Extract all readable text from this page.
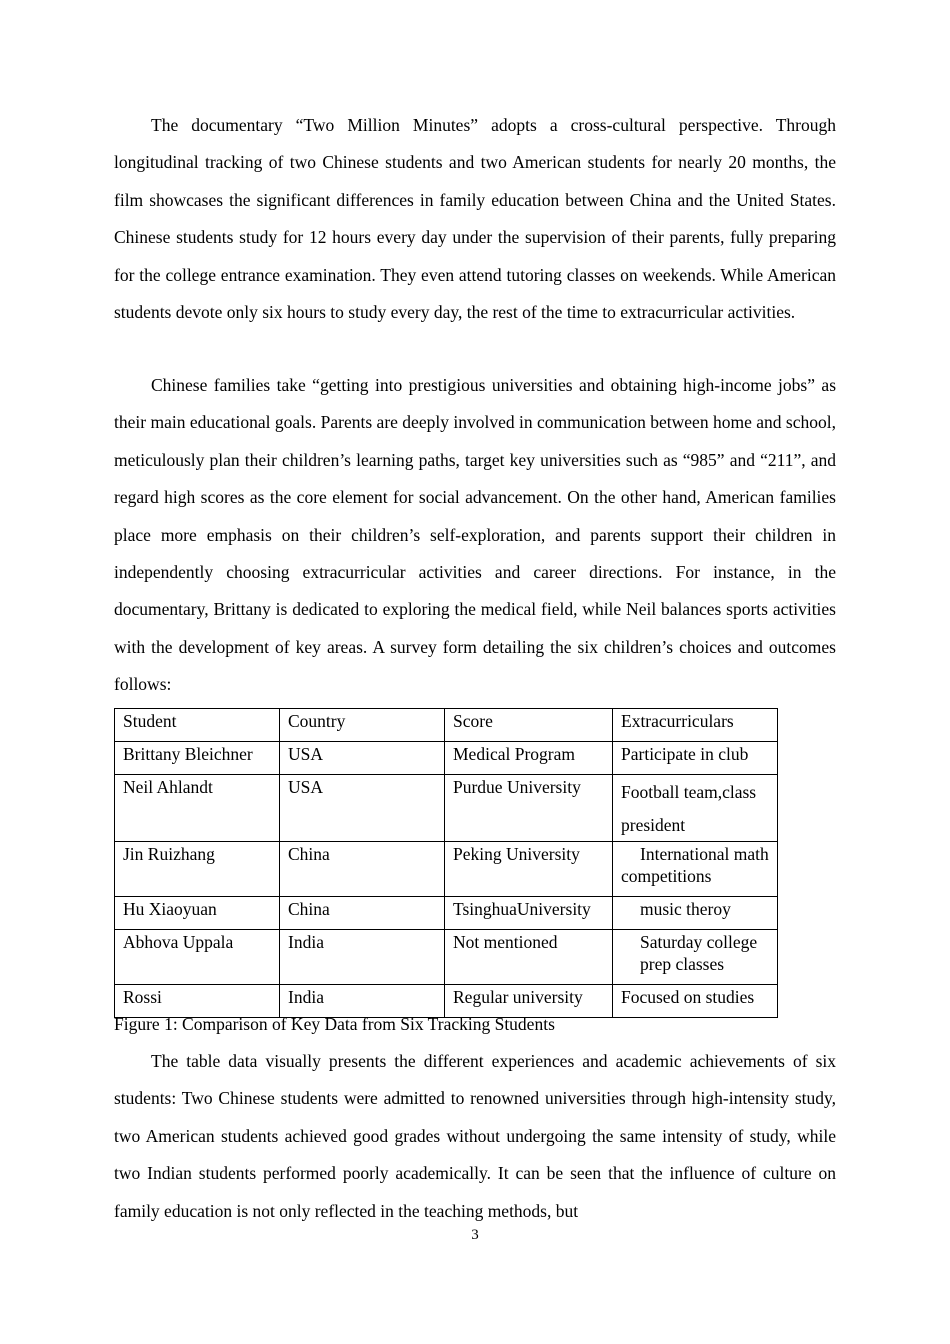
The documentary “Two Million Minutes” adopts a cross-cultural perspective. Through longitudinal tracking of two Chinese students and two American students for nearly 20 months, the film showcases the significant differences in family education between China and the United States. Chinese students study for 12 hours every day under the supervision of their parents, fully preparing for the college entrance examination. They even attend tutoring classes on weekends. While American students devote only six hours to study every day, the rest of the time to extracurricular activities.

Chinese families take “getting into prestigious universities and obtaining high-income jobs” as their main educational goals. Parents are deeply involved in communication between home and school, meticulously plan their children’s learning paths, target key universities such as “985” and “211”, and regard high scores as the core element for social advancement. On the other hand, American families place more emphasis on their children’s self-exploration, and parents support their children in independently choosing extracurricular activities and career directions. For instance, in the documentary, Brittany is dedicated to exploring the medical field, while Neil balances sports activities with the development of key areas. A survey form detailing the six children’s choices and outcomes follows:

Student	Country	Score	Extracurriculars
Brittany Bleichner	USA	Medical Program	Participate in club
Neil Ahlandt	USA	Purdue University	Football team,class president
Jin Ruizhang	China	Peking University	International math competitions
Hu Xiaoyuan	China	TsinghuaUniversity	music theroy
Abhova Uppala	India	Not mentioned	Saturday college prep classes
Rossi	India	Regular university	Focused on studies

Figure 1: Comparison of Key Data from Six Tracking Students

The table data visually presents the different experiences and academic achievements of six students: Two Chinese students were admitted to renowned universities through high-intensity study, two American students achieved good grades without undergoing the same intensity of study, while two Indian students performed poorly academically. It can be seen that the influence of culture on family education is not only reflected in the teaching methods, but

3
